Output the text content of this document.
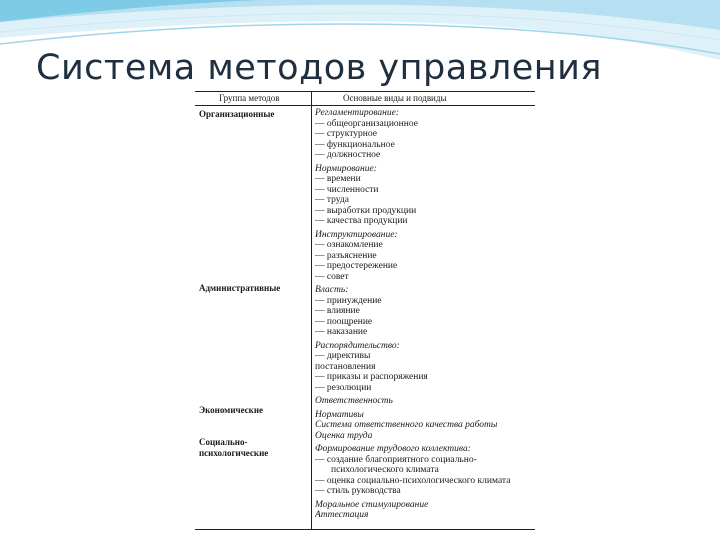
Система методов управления
Группа методов	Основные виды и подвиды
Организационные
Административные
Экономические
Социально-
психологические
Регламентирование:
— общеорганизационное
— структурное
— функциональное
— должностное
Нормирование:
— времени
— численности
— труда
— выработки продукции
— качества продукции
Инструктирование:
— ознакомление
— разъяснение
— предостережение
— совет
Власть:
— принуждение
— влияние
— поощрение
— наказание
Распорядительство:
— директивы
постановления
— приказы и распоряжения
— резолюции
Ответственность
Нормативы
Система ответственного качества работы
Оценка труда
Формирование трудового коллектива:
— создание благоприятного социально-психологического климата
— оценка социально-психологического климата
— стиль руководства
Моральное стимулирование
Аттестация
